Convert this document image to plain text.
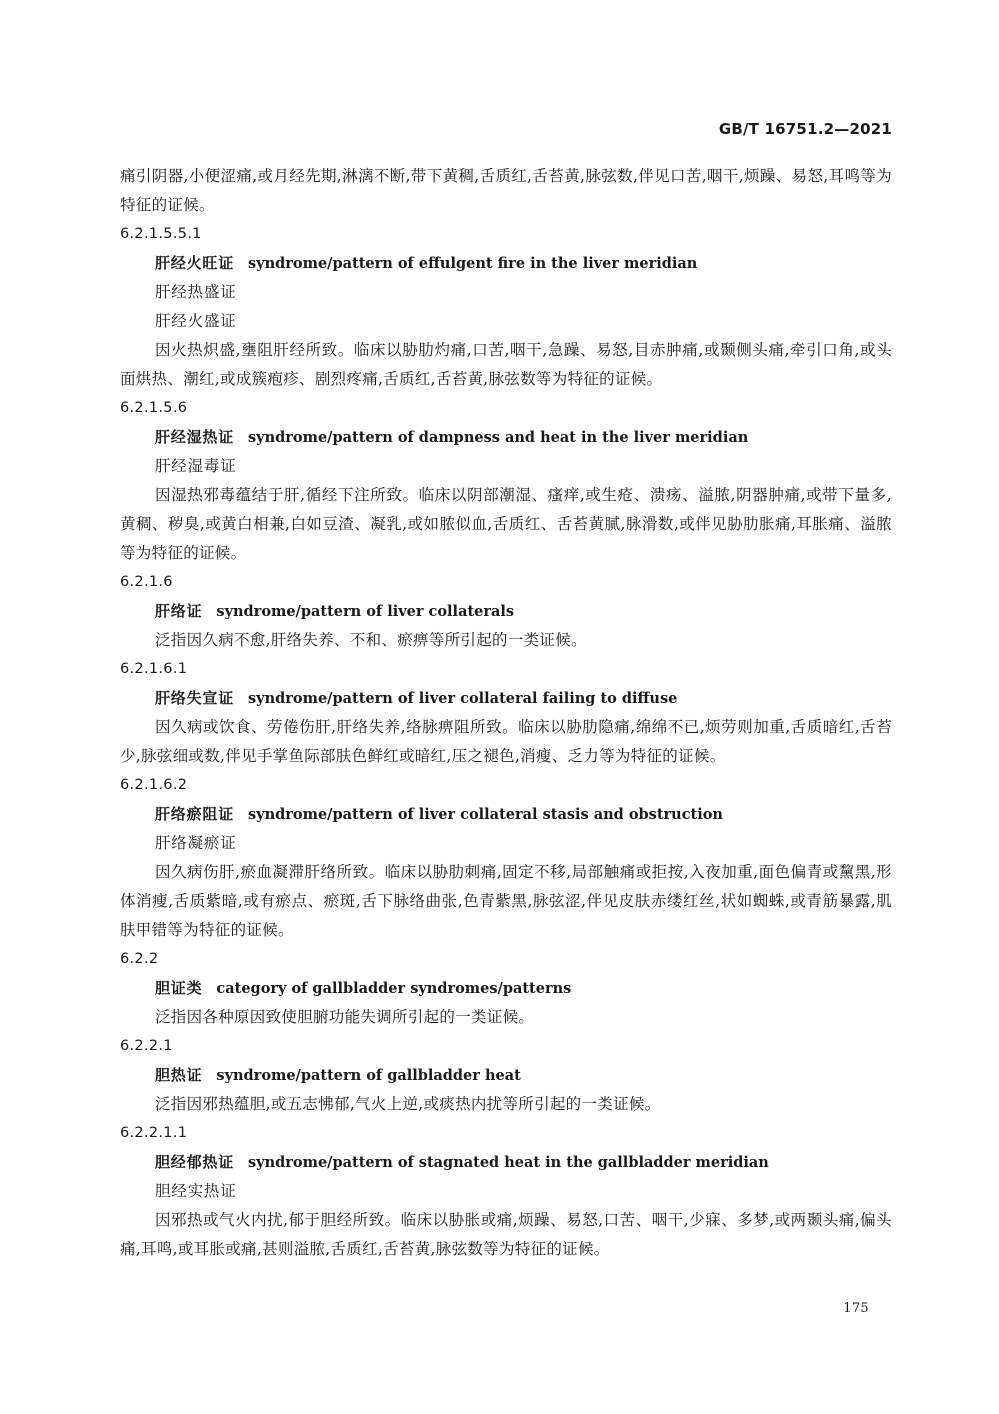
GB/T 16751.2—2021

痛引阴器,小便涩痛,或月经先期,淋漓不断,带下黄稠,舌质红,舌苔黄,脉弦数,伴见口苦,咽干,烦躁、易怒,耳鸣等为特征的证候。

6.2.1.5.5.1

肝经火旺证 syndrome/pattern of effulgent fire in the liver meridian

肝经热盛证

肝经火盛证

因火热炽盛,壅阻肝经所致。临床以胁肋灼痛,口苦,咽干,急躁、易怒,目赤肿痛,或颞侧头痛,牵引口角,或头面烘热、潮红,或成簇疱疹、剧烈疼痛,舌质红,舌苔黄,脉弦数等为特征的证候。

6.2.1.5.6

肝经湿热证 syndrome/pattern of dampness and heat in the liver meridian

肝经湿毒证

因湿热邪毒蕴结于肝,循经下注所致。临床以阴部潮湿、瘙痒,或生疮、溃疡、溢脓,阴器肿痛,或带下量多,黄稠、秽臭,或黄白相兼,白如豆渣、凝乳,或如脓似血,舌质红、舌苔黄腻,脉滑数,或伴见胁肋胀痛,耳胀痛、溢脓等为特征的证候。

6.2.1.6

肝络证 syndrome/pattern of liver collaterals

泛指因久病不愈,肝络失养、不和、瘀痹等所引起的一类证候。

6.2.1.6.1

肝络失宣证 syndrome/pattern of liver collateral failing to diffuse

因久病或饮食、劳倦伤肝,肝络失养,络脉痹阻所致。临床以胁肋隐痛,绵绵不已,烦劳则加重,舌质暗红,舌苔少,脉弦细或数,伴见手掌鱼际部肤色鲜红或暗红,压之褪色,消瘦、乏力等为特征的证候。

6.2.1.6.2

肝络瘀阻证 syndrome/pattern of liver collateral stasis and obstruction

肝络凝瘀证

因久病伤肝,瘀血凝滞肝络所致。临床以胁肋刺痛,固定不移,局部触痛或拒按,入夜加重,面色偏青或黧黑,形体消瘦,舌质紫暗,或有瘀点、瘀斑,舌下脉络曲张,色青紫黑,脉弦涩,伴见皮肤赤缕红丝,状如蜘蛛,或青筋暴露,肌肤甲错等为特征的证候。

6.2.2

胆证类 category of gallbladder syndromes/patterns

泛指因各种原因致使胆腑功能失调所引起的一类证候。

6.2.2.1

胆热证 syndrome/pattern of gallbladder heat

泛指因邪热蕴胆,或五志怫郁,气火上逆,或痰热内扰等所引起的一类证候。

6.2.2.1.1

胆经郁热证 syndrome/pattern of stagnated heat in the gallbladder meridian

胆经实热证

因邪热或气火内扰,郁于胆经所致。临床以胁胀或痛,烦躁、易怒,口苦、咽干,少寐、多梦,或两颞头痛,偏头痛,耳鸣,或耳胀或痛,甚则溢脓,舌质红,舌苔黄,脉弦数等为特征的证候。

175
